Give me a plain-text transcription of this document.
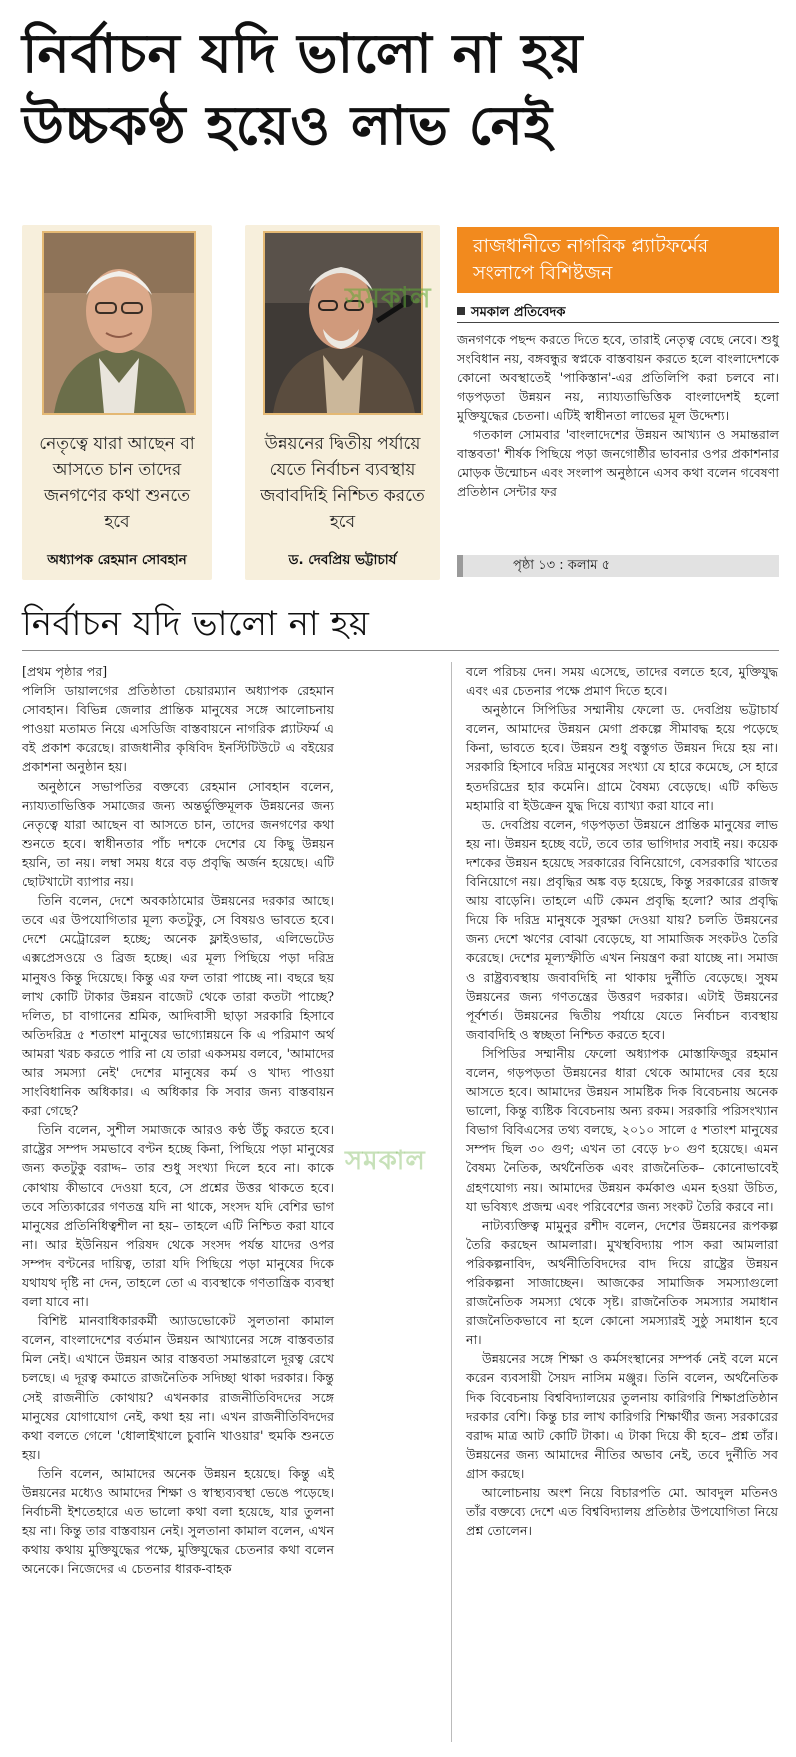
নির্বাচন যদি ভালো না হয়
উচ্চকণ্ঠ হয়েও লাভ নেই
নেতৃত্বে যারা আছেন বা আসতে চান তাদের জনগণের কথা শুনতে হবে
অধ্যাপক রেহমান সোবহান
উন্নয়নের দ্বিতীয় পর্যায়ে যেতে নির্বাচন ব্যবস্থায় জবাবদিহি নিশ্চিত করতে হবে
ড. দেবপ্রিয় ভট্টাচার্য
রাজধানীতে নাগরিক প্ল্যাটফর্মের সংলাপে বিশিষ্টজন
সমকাল	সমকাল প্রতিবেদক

জনগণকে পছন্দ করতে দিতে হবে, তারাই নেতৃত্ব বেছে নেবে। শুধু সংবিধান নয়, বঙ্গবন্ধুর স্বপ্নকে বাস্তবায়ন করতে হলে বাংলাদেশকে কোনো অবস্থাতেই 'পাকিস্তান'-এর প্রতিলিপি করা চলবে না। গড়পড়তা উন্নয়ন নয়, ন্যায্যতাভিত্তিক বাংলাদেশই হলো মুক্তিযুদ্ধের চেতনা। এটিই স্বাধীনতা লাভের মূল উদ্দেশ্য।

গতকাল সোমবার 'বাংলাদেশের উন্নয়ন আখ্যান ও সমান্তরাল বাস্তবতা' শীর্ষক পিছিয়ে পড়া জনগোষ্ঠীর ভাবনার ওপর প্রকাশনার মোড়ক উন্মোচন এবং সংলাপ অনুষ্ঠানে এসব কথা বলেন গবেষণা প্রতিষ্ঠান সেন্টার ফর

পৃষ্ঠা ১৩ : কলাম ৫
নির্বাচন যদি ভালো না হয়

[প্রথম পৃষ্ঠার পর]

পলিসি ডায়ালগের প্রতিষ্ঠাতা চেয়ারম্যান অধ্যাপক রেহমান সোবহান। বিভিন্ন জেলার প্রান্তিক মানুষের সঙ্গে আলোচনায় পাওয়া মতামত নিয়ে এসডিজি বাস্তবায়নে নাগরিক প্ল্যাটফর্ম এ বই প্রকাশ করেছে। রাজধানীর কৃষিবিদ ইনস্টিটিউটে এ বইয়ের প্রকাশনা অনুষ্ঠান হয়।

অনুষ্ঠানে সভাপতির বক্তব্যে রেহমান সোবহান বলেন, ন্যায্যতাভিত্তিক সমাজের জন্য অন্তর্ভুক্তিমূলক উন্নয়নের জন্য নেতৃত্বে যারা আছেন বা আসতে চান, তাদের জনগণের কথা শুনতে হবে। স্বাধীনতার পাঁচ দশকে দেশের যে কিছু উন্নয়ন হয়নি, তা নয়। লম্বা সময় ধরে বড় প্রবৃদ্ধি অর্জন হয়েছে। এটি ছোটখাটো ব্যাপার নয়।

তিনি বলেন, দেশে অবকাঠামোর উন্নয়নের দরকার আছে। তবে এর উপযোগিতার মূল্য কতটুকু, সে বিষয়ও ভাবতে হবে। দেশে মেট্রোরেল হচ্ছে; অনেক ফ্লাইওভার, এলিভেটেড এক্সপ্রেসওয়ে ও ব্রিজ হচ্ছে। এর মূল্য পিছিয়ে পড়া দরিদ্র মানুষও কিন্তু দিয়েছে। কিন্তু এর ফল তারা পাচ্ছে না। বছরে ছয় লাখ কোটি টাকার উন্নয়ন বাজেট থেকে তারা কতটা পাচ্ছে? দলিত, চা বাগানের শ্রমিক, আদিবাসী ছাড়া সরকারি হিসাবে অতিদরিদ্র ৫ শতাংশ মানুষের ভাগ্যোন্নয়নে কি এ পরিমাণ অর্থ আমরা খরচ করতে পারি না যে তারা একসময় বলবে, 'আমাদের আর সমস্যা নেই' দেশের মানুষের কর্ম ও খাদ্য পাওয়া সাংবিধানিক অধিকার। এ অধিকার কি সবার জন্য বাস্তবায়ন করা গেছে?

তিনি বলেন, সুশীল সমাজকে আরও কণ্ঠ উঁচু করতে হবে। রাষ্ট্রের সম্পদ সমভাবে বণ্টন হচ্ছে কিনা, পিছিয়ে পড়া মানুষের জন্য কতটুকু বরাদ্দ– তার শুধু সংখ্যা দিলে হবে না। কাকে কোথায় কীভাবে দেওয়া হবে, সে প্রশ্নের উত্তর থাকতে হবে। তবে সত্যিকারের গণতন্ত্র যদি না থাকে, সংসদ যদি বেশির ভাগ মানুষের প্রতিনিধিত্বশীল না হয়– তাহলে এটি নিশ্চিত করা যাবে না। আর ইউনিয়ন পরিষদ থেকে সংসদ পর্যন্ত যাদের ওপর সম্পদ বণ্টনের দায়িত্ব, তারা যদি পিছিয়ে পড়া মানুষের দিকে যথাযথ দৃষ্টি না দেন, তাহলে তো এ ব্যবস্থাকে গণতান্ত্রিক ব্যবস্থা বলা যাবে না।

বিশিষ্ট মানবাধিকারকর্মী অ্যাডভোকেট সুলতানা কামাল বলেন, বাংলাদেশের বর্তমান উন্নয়ন আখ্যানের সঙ্গে বাস্তবতার মিল নেই। এখানে উন্নয়ন আর বাস্তবতা সমান্তরালে দূরত্ব রেখে চলছে। এ দূরত্ব কমাতে রাজনৈতিক সদিচ্ছা থাকা দরকার। কিন্তু সেই রাজনীতি কোথায়? এখনকার রাজনীতিবিদদের সঙ্গে মানুষের যোগাযোগ নেই, কথা হয় না। এখন রাজনীতিবিদদের কথা বলতে গেলে 'ধোলাইখালে চুবানি খাওয়ার' হুমকি শুনতে হয়।

তিনি বলেন, আমাদের অনেক উন্নয়ন হয়েছে। কিন্তু এই উন্নয়নের মধ্যেও আমাদের শিক্ষা ও স্বাস্থ্যব্যবস্থা ভেঙে পড়েছে। নির্বাচনী ইশতেহারে এত ভালো কথা বলা হয়েছে, যার তুলনা হয় না। কিন্তু তার বাস্তবায়ন নেই। সুলতানা কামাল বলেন, এখন কথায় কথায় মুক্তিযুদ্ধের পক্ষে, মুক্তিযুদ্ধের চেতনার কথা বলেন অনেকে। নিজেদের এ চেতনার ধারক-বাহক

বলে পরিচয় দেন। সময় এসেছে, তাদের বলতে হবে, মুক্তিযুদ্ধ এবং এর চেতনার পক্ষে প্রমাণ দিতে হবে।

অনুষ্ঠানে সিপিডির সম্মানীয় ফেলো ড. দেবপ্রিয় ভট্টাচার্য বলেন, আমাদের উন্নয়ন মেগা প্রকল্পে সীমাবদ্ধ হয়ে পড়েছে কিনা, ভাবতে হবে। উন্নয়ন শুধু বস্তুগত উন্নয়ন দিয়ে হয় না। সরকারি হিসাবে দরিদ্র মানুষের সংখ্যা যে হারে কমেছে, সে হারে হতদরিদ্রের হার কমেনি। গ্রামে বৈষম্য বেড়েছে। এটি কভিড মহামারি বা ইউক্রেন যুদ্ধ দিয়ে ব্যাখ্যা করা যাবে না।

ড. দেবপ্রিয় বলেন, গড়পড়তা উন্নয়নে প্রান্তিক মানুষের লাভ হয় না। উন্নয়ন হচ্ছে বটে, তবে তার ভাগিদার সবাই নয়। কয়েক দশকের উন্নয়ন হয়েছে সরকারের বিনিয়োগে, বেসরকারি খাতের বিনিয়োগে নয়। প্রবৃদ্ধির অঙ্ক বড় হয়েছে, কিন্তু সরকারের রাজস্ব আয় বাড়েনি। তাহলে এটি কেমন প্রবৃদ্ধি হলো? আর প্রবৃদ্ধি দিয়ে কি দরিদ্র মানুষকে সুরক্ষা দেওয়া যায়? চলতি উন্নয়নের জন্য দেশে ঋণের বোঝা বেড়েছে, যা সামাজিক সংকটও তৈরি করেছে। দেশের মূল্যস্ফীতি এখন নিয়ন্ত্রণ করা যাচ্ছে না। সমাজ ও রাষ্ট্রব্যবস্থায় জবাবদিহি না থাকায় দুর্নীতি বেড়েছে। সুষম উন্নয়নের জন্য গণতন্ত্রের উত্তরণ দরকার। এটাই উন্নয়নের পূর্বশর্ত। উন্নয়নের দ্বিতীয় পর্যায়ে যেতে নির্বাচন ব্যবস্থায় জবাবদিহি ও স্বচ্ছতা নিশ্চিত করতে হবে।

সিপিডির সম্মানীয় ফেলো অধ্যাপক মোস্তাফিজুর রহমান বলেন, গড়পড়তা উন্নয়নের ধারা থেকে আমাদের বের হয়ে আসতে হবে। আমাদের উন্নয়ন সামষ্টিক দিক বিবেচনায় অনেক ভালো, কিন্তু ব্যষ্টিক বিবেচনায় অন্য রকম। সরকারি পরিসংখ্যান বিভাগ বিবিএসের তথ্য বলছে, ২০১০ সালে ৫ শতাংশ মানুষের সম্পদ ছিল ৩০ গুণ; এখন তা বেড়ে ৮০ গুণ হয়েছে। এমন বৈষম্য নৈতিক, অর্থনৈতিক এবং রাজনৈতিক– কোনোভাবেই গ্রহণযোগ্য নয়। আমাদের উন্নয়ন কর্মকাণ্ড এমন হওয়া উচিত, যা ভবিষ্যৎ প্রজন্ম এবং পরিবেশের জন্য সংকট তৈরি করবে না।

নাট্যব্যক্তিত্ব মামুনুর রশীদ বলেন, দেশের উন্নয়নের রূপকল্প তৈরি করছেন আমলারা। মুখস্থবিদ্যায় পাস করা আমলারা পরিকল্পনাবিদ, অর্থনীতিবিদদের বাদ দিয়ে রাষ্ট্রের উন্নয়ন পরিকল্পনা সাজাচ্ছেন। আজকের সামাজিক সমস্যাগুলো রাজনৈতিক সমস্যা থেকে সৃষ্ট। রাজনৈতিক সমস্যার সমাধান রাজনৈতিকভাবে না হলে কোনো সমস্যারই সুষ্ঠু সমাধান হবে না।

উন্নয়নের সঙ্গে শিক্ষা ও কর্মসংস্থানের সম্পর্ক নেই বলে মনে করেন ব্যবসায়ী সৈয়দ নাসিম মঞ্জুর। তিনি বলেন, অর্থনৈতিক দিক বিবেচনায় বিশ্ববিদ্যালয়ের তুলনায় কারিগরি শিক্ষাপ্রতিষ্ঠান দরকার বেশি। কিন্তু চার লাখ কারিগরি শিক্ষার্থীর জন্য সরকারের বরাদ্দ মাত্র আট কোটি টাকা। এ টাকা দিয়ে কী হবে– প্রশ্ন তাঁর। উন্নয়নের জন্য আমাদের নীতির অভাব নেই, তবে দুর্নীতি সব গ্রাস করছে।

আলোচনায় অংশ নিয়ে বিচারপতি মো. আবদুল মতিনও তাঁর বক্তব্যে দেশে এত বিশ্ববিদ্যালয় প্রতিষ্ঠার উপযোগিতা নিয়ে প্রশ্ন তোলেন।

সমকাল
